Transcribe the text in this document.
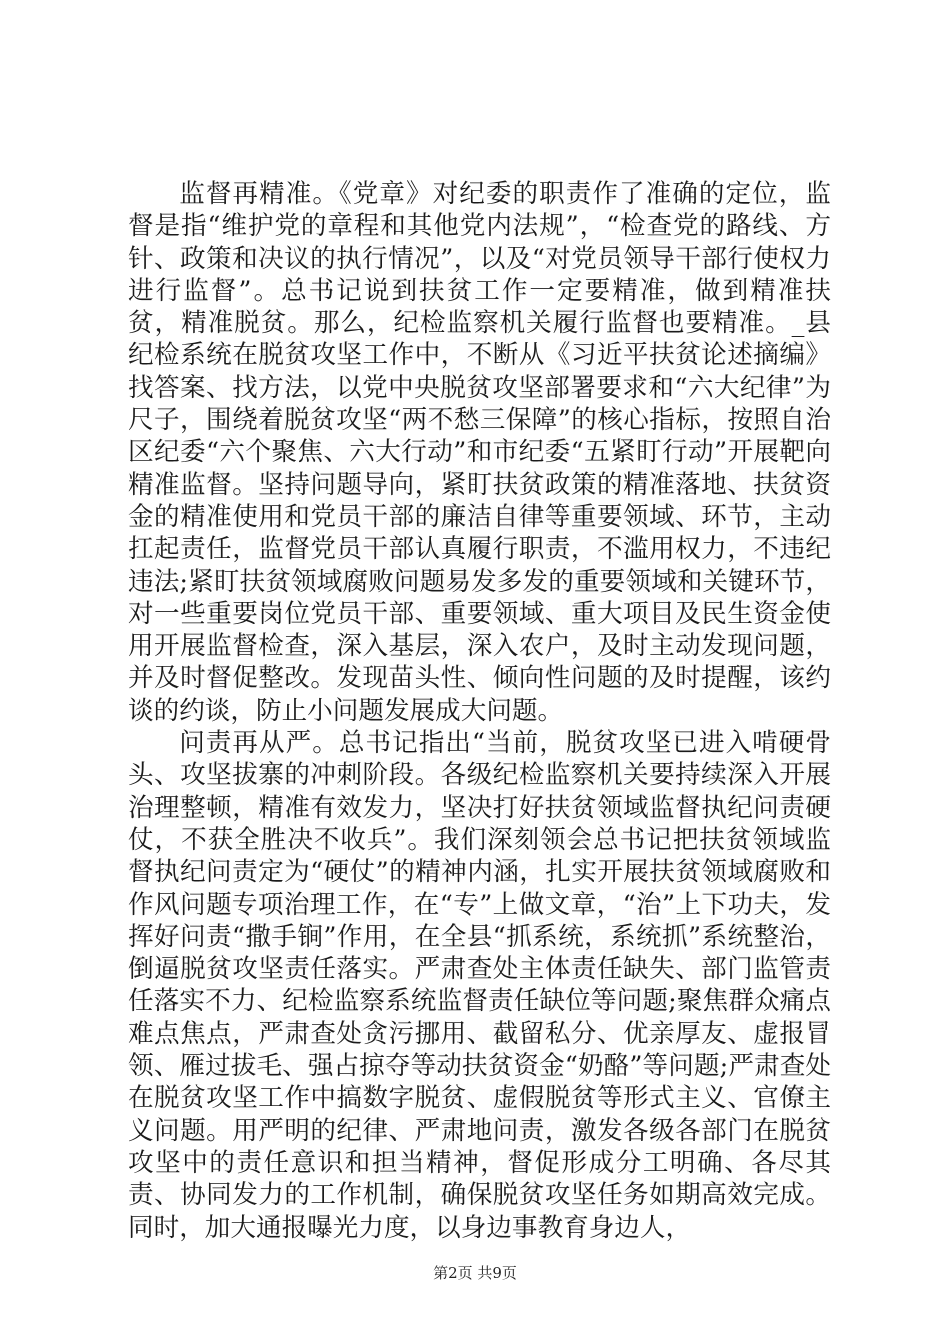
监督再精准。《党章》对纪委的职责作了准确的定位，监督是指“维护党的章程和其他党内法规”，“检查党的路线、方针、政策和决议的执行情况”，以及“对党员领导干部行使权力进行监督”。总书记说到扶贫工作一定要精准，做到精准扶贫，精准脱贫。那么，纪检监察机关履行监督也要精准。_县纪检系统在脱贫攻坚工作中，不断从《习近平扶贫论述摘编》找答案、找方法，以党中央脱贫攻坚部署要求和“六大纪律”为尺子，围绕着脱贫攻坚“两不愁三保障”的核心指标，按照自治区纪委“六个聚焦、六大行动”和市纪委“五紧盯行动”开展靶向精准监督。坚持问题导向，紧盯扶贫政策的精准落地、扶贫资金的精准使用和党员干部的廉洁自律等重要领域、环节，主动扛起责任，监督党员干部认真履行职责，不滥用权力，不违纪违法;紧盯扶贫领域腐败问题易发多发的重要领域和关键环节，对一些重要岗位党员干部、重要领域、重大项目及民生资金使用开展监督检查，深入基层，深入农户，及时主动发现问题，并及时督促整改。发现苗头性、倾向性问题的及时提醒，该约谈的约谈，防止小问题发展成大问题。

问责再从严。总书记指出“当前，脱贫攻坚已进入啃硬骨头、攻坚拔寨的冲刺阶段。各级纪检监察机关要持续深入开展治理整顿，精准有效发力，坚决打好扶贫领域监督执纪问责硬仗，不获全胜决不收兵”。我们深刻领会总书记把扶贫领域监督执纪问责定为“硬仗”的精神内涵，扎实开展扶贫领域腐败和作风问题专项治理工作，在“专”上做文章，“治”上下功夫，发挥好问责“撒手锏”作用，在全县“抓系统，系统抓”系统整治，倒逼脱贫攻坚责任落实。严肃查处主体责任缺失、部门监管责任落实不力、纪检监察系统监督责任缺位等问题;聚焦群众痛点难点焦点，严肃查处贪污挪用、截留私分、优亲厚友、虚报冒领、雁过拔毛、强占掠夺等动扶贫资金“奶酪”等问题;严肃查处在脱贫攻坚工作中搞数字脱贫、虚假脱贫等形式主义、官僚主义问题。用严明的纪律、严肃地问责，激发各级各部门在脱贫攻坚中的责任意识和担当精神，督促形成分工明确、各尽其责、协同发力的工作机制，确保脱贫攻坚任务如期高效完成。同时，加大通报曝光力度，以身边事教育身边人，

第2页 共9页
